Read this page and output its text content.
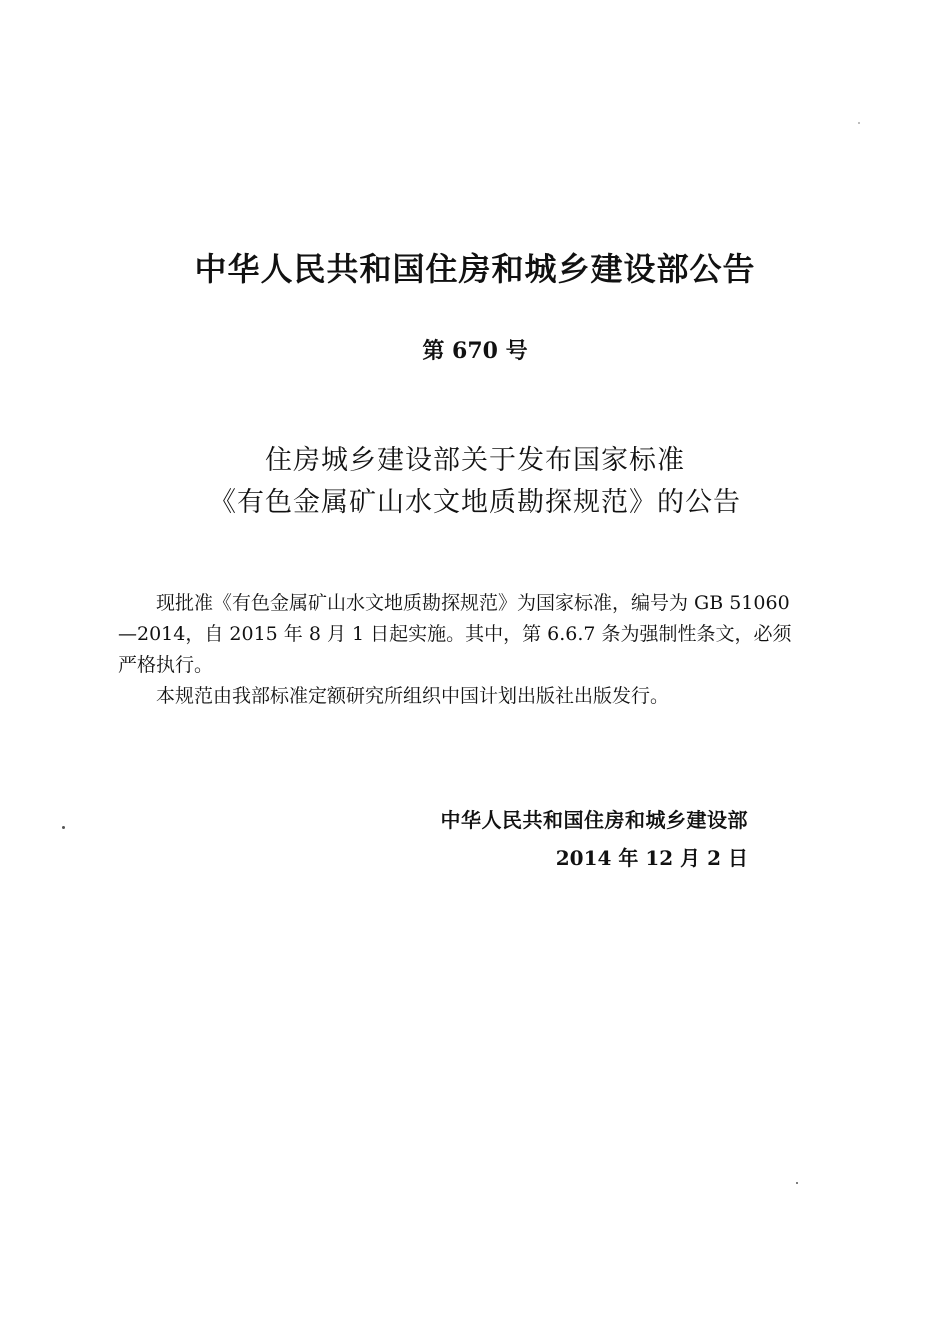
中华人民共和国住房和城乡建设部公告
第 670 号
住房城乡建设部关于发布国家标准
《有色金属矿山水文地质勘探规范》的公告

现批准《有色金属矿山水文地质勘探规范》为国家标准，编号为 GB 51060—2014，自 2015 年 8 月 1 日起实施。其中，第 6.6.7 条为强制性条文，必须严格执行。

本规范由我部标准定额研究所组织中国计划出版社出版发行。

中华人民共和国住房和城乡建设部
2014 年 12 月 2 日
